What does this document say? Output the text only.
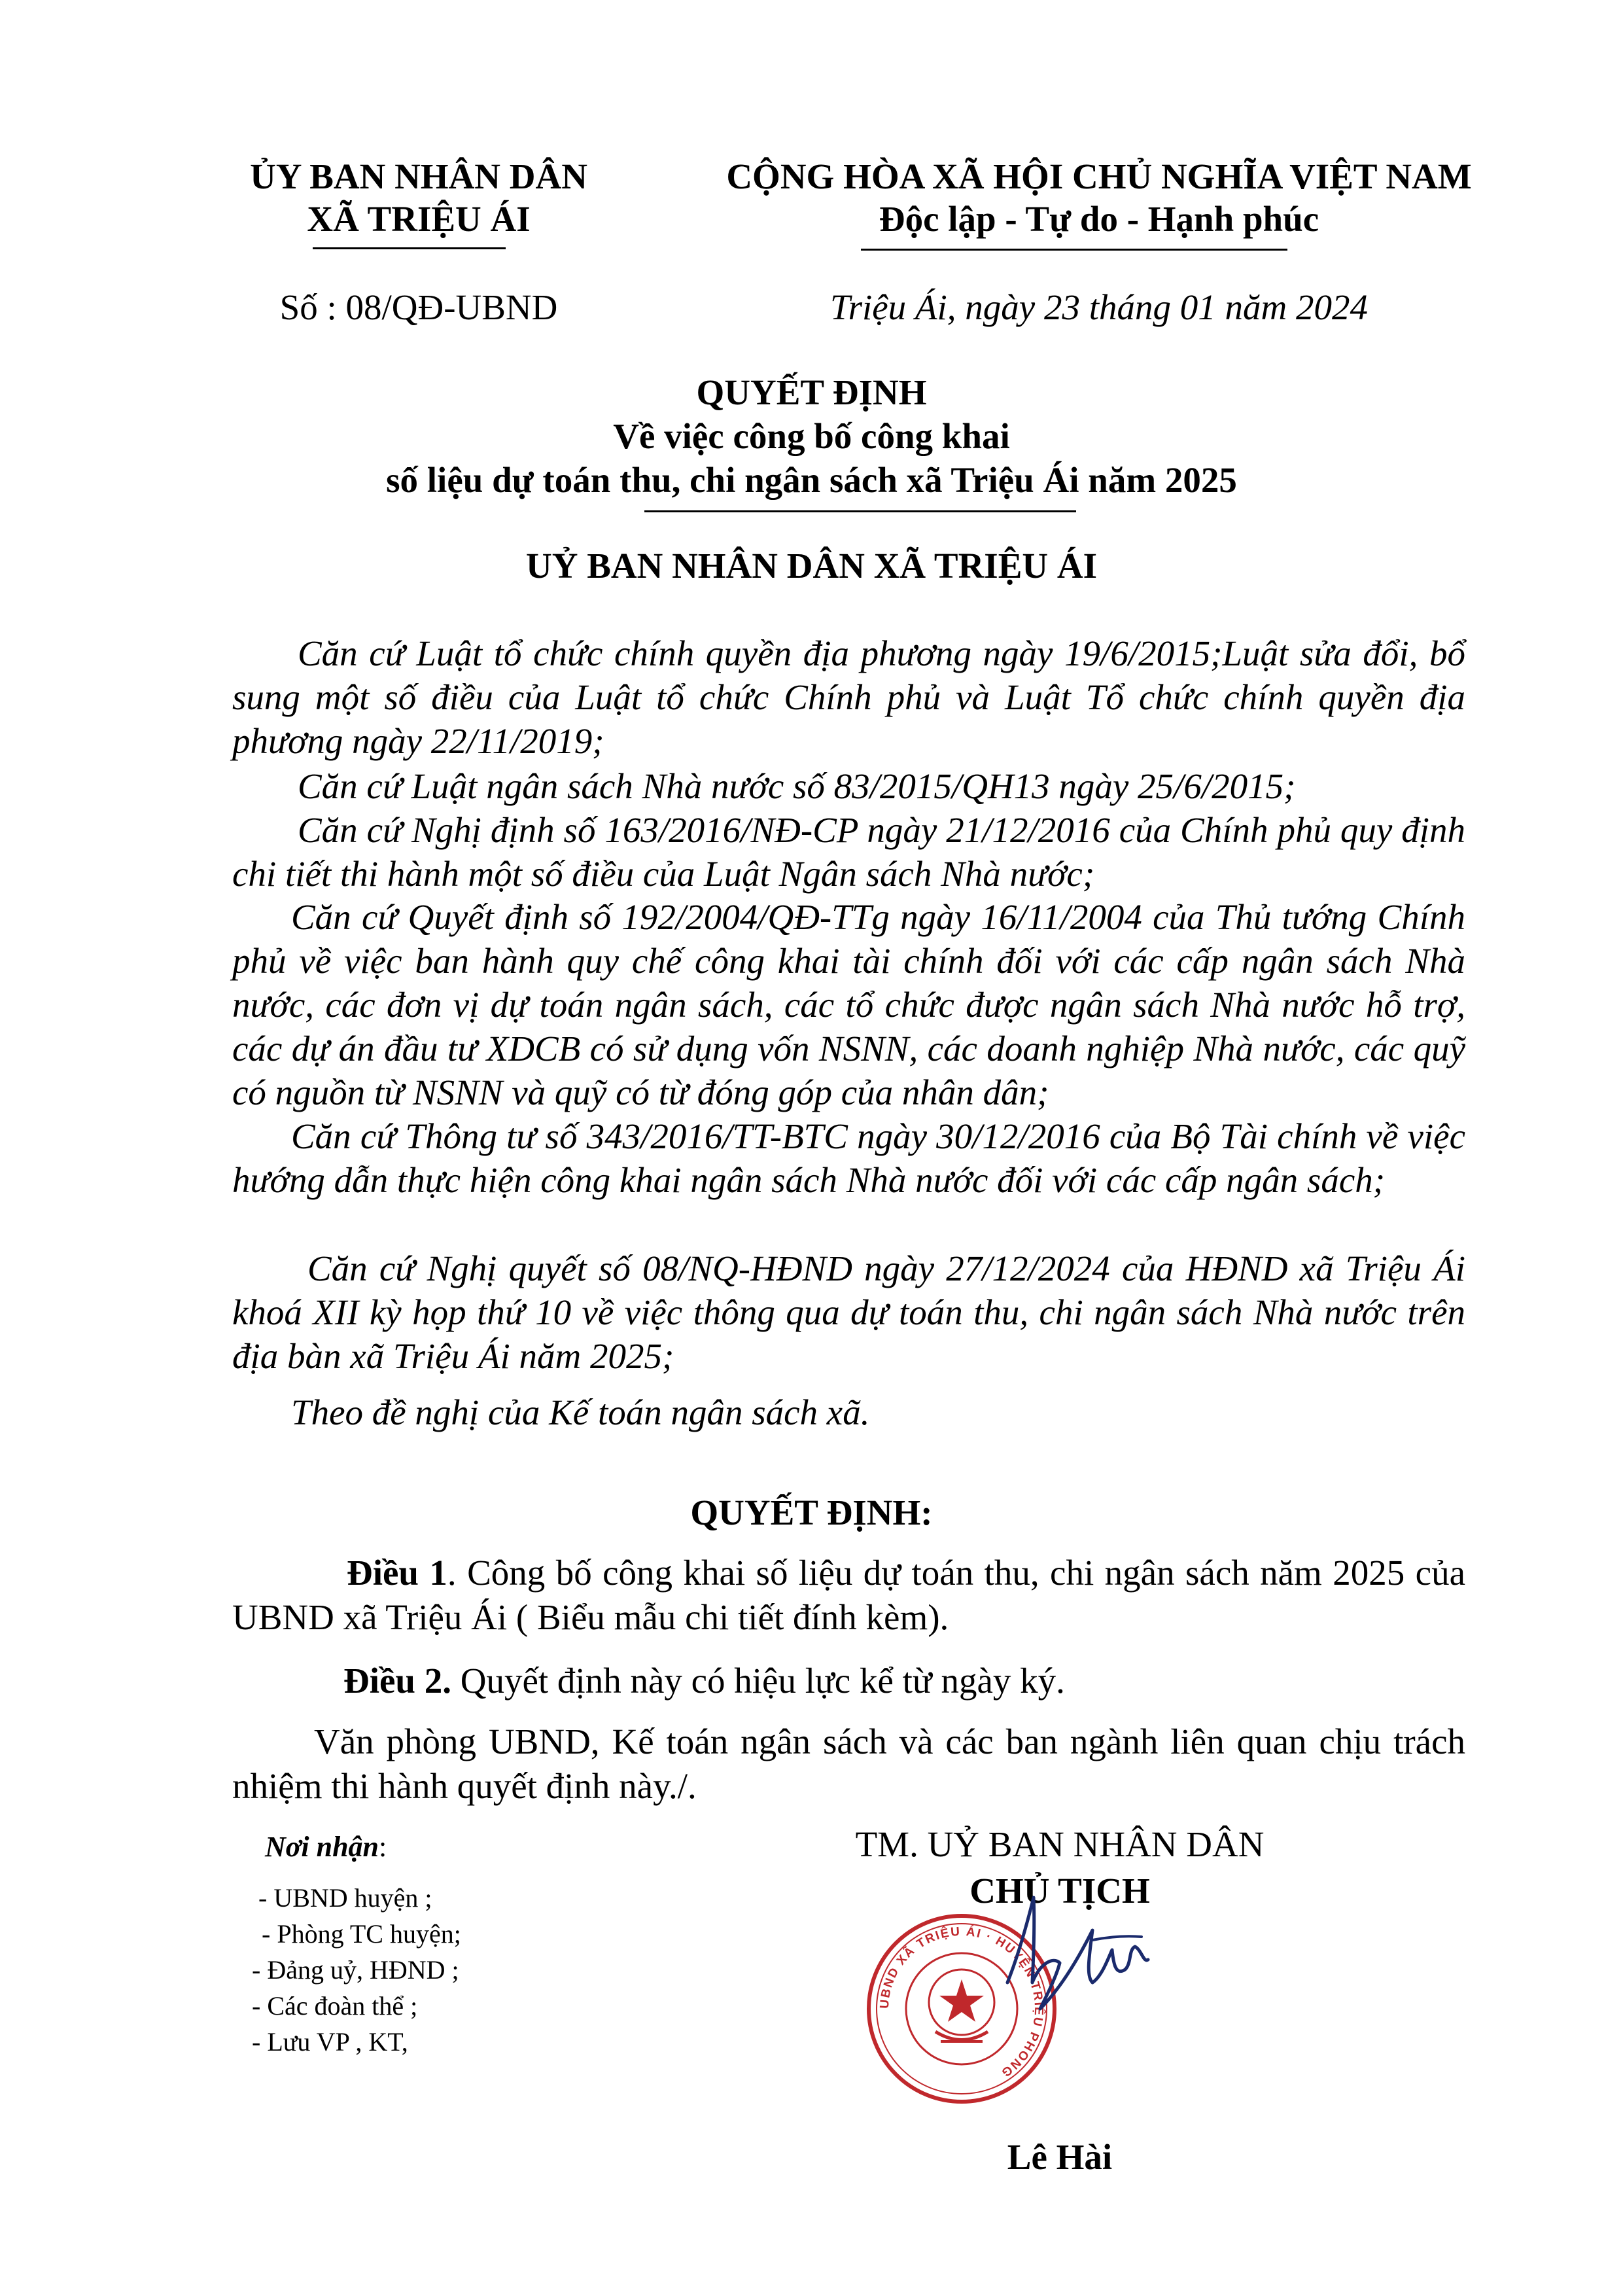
ỦY BAN NHÂN DÂN
XÃ TRIỆU ÁI
CỘNG HÒA XÃ HỘI CHỦ NGHĨA VIỆT NAM
Độc lập - Tự do - Hạnh phúc
Số : 08/QĐ-UBND	Triệu Ái, ngày 23 tháng 01 năm 2024
QUYẾT ĐỊNH
Về việc công bố công khai
số liệu dự toán thu, chi ngân sách xã Triệu Ái năm 2025
UỶ BAN NHÂN DÂN XÃ TRIỆU ÁI
Căn cứ Luật tổ chức chính quyền địa phương ngày 19/6/2015;Luật sửa đổi, bổ sung một số điều của Luật tổ chức Chính phủ và Luật Tổ chức chính quyền địa phương ngày 22/11/2019;
Căn cứ Luật ngân sách Nhà nước số 83/2015/QH13 ngày 25/6/2015;
Căn cứ Nghị định số 163/2016/NĐ-CP ngày 21/12/2016 của Chính phủ quy định chi tiết thi hành một số điều của Luật Ngân sách Nhà nước;
Căn cứ Quyết định số 192/2004/QĐ-TTg ngày 16/11/2004 của Thủ tướng Chính phủ về việc ban hành quy chế công khai tài chính đối với các cấp ngân sách Nhà nước, các đơn vị dự toán ngân sách, các tổ chức được ngân sách Nhà nước hỗ trợ, các dự án đầu tư XDCB có sử dụng vốn NSNN, các doanh nghiệp Nhà nước, các quỹ có nguồn từ NSNN và quỹ có từ đóng góp của nhân dân;
Căn cứ Thông tư số 343/2016/TT-BTC ngày 30/12/2016 của Bộ Tài chính về việc hướng dẫn thực hiện công khai ngân sách Nhà nước đối với các cấp ngân sách;
Căn cứ Nghị quyết số 08/NQ-HĐND ngày 27/12/2024 của HĐND xã Triệu Ái khoá XII kỳ họp thứ 10 về việc thông qua dự toán thu, chi ngân sách Nhà nước trên địa bàn xã Triệu Ái năm 2025;
Theo đề nghị của Kế toán ngân sách xã.
QUYẾT ĐỊNH:
Điều 1. Công bố công khai số liệu dự toán thu, chi ngân sách năm 2025 của UBND xã Triệu Ái ( Biểu mẫu chi tiết đính kèm).
Điều 2. Quyết định này có hiệu lực kể từ ngày ký.
Văn phòng UBND, Kế toán ngân sách và các ban ngành liên quan chịu trách nhiệm thi hành quyết định này./.
Nơi nhận:
- UBND huyện ;
- Phòng TC huyện;
- Đảng uỷ, HĐND ;
- Các đoàn thể ;
- Lưu VP , KT,
TM. UỶ BAN NHÂN DÂN
CHỦ TỊCH
UBND XÃ TRIỆU ÁI · HUYỆN TRIỆU PHONG
Lê Hài
